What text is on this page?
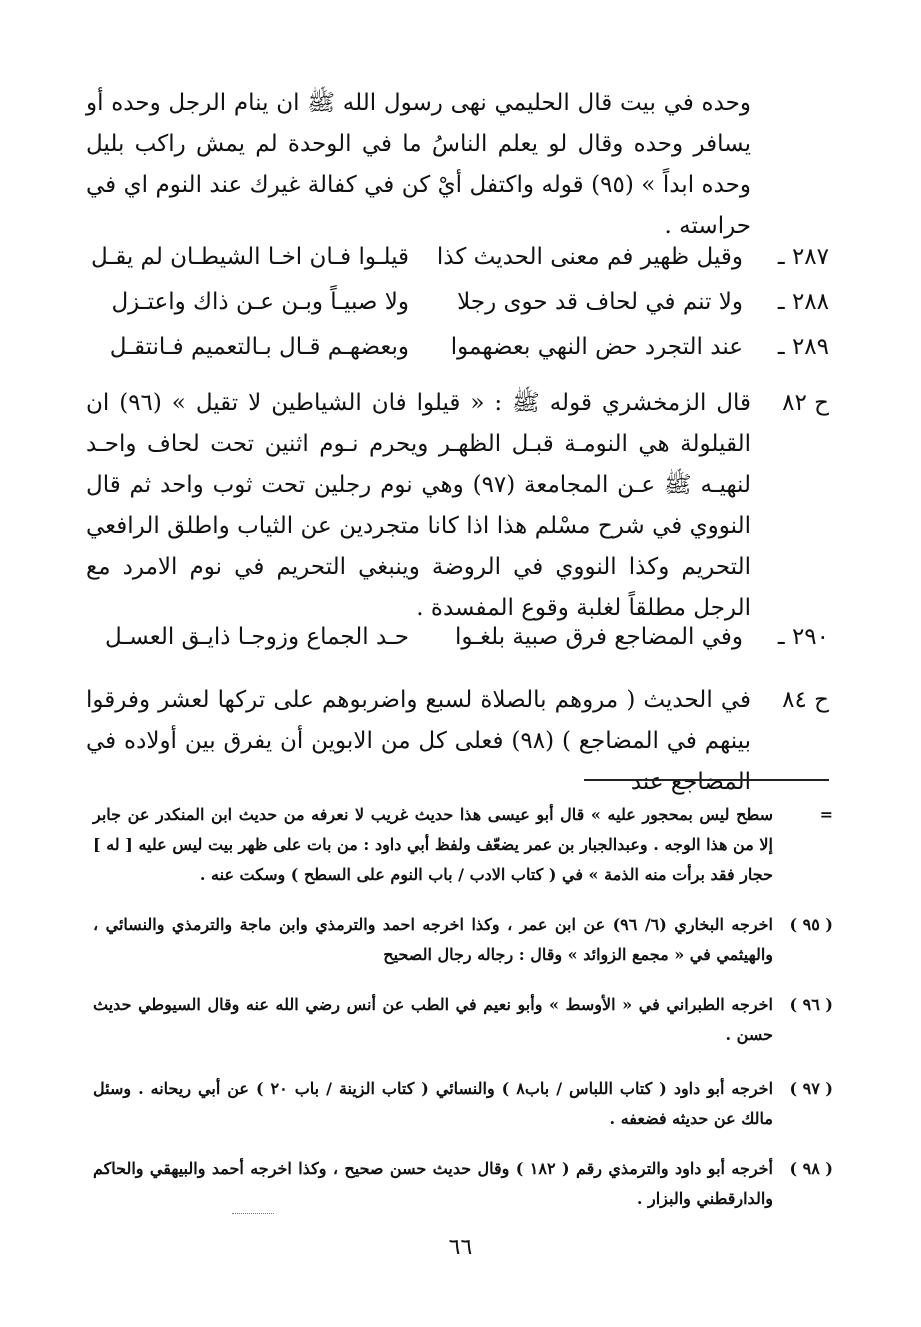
وحده في بيت قال الحليمي نهى رسول الله ﷺ ان ينام الرجل وحده أو يسافر وحده وقال لو يعلم الناسُ ما في الوحدة لم يمش راكب بليل وحده ابداً » (٩٥) قوله واكتفل أيْ كن في كفالة غيرك عند النوم اي في حراسته .
٢٨٧ ـ
وقيل ظهير فم معنى الحديث كذا
قيلـوا فـان اخـا الشيطـان لم يقـل
٢٨٨ ـ
ولا تنم في لحاف قد حوى رجلا
ولا صبيـاً وبـن عـن ذاك واعتـزل
٢٨٩ ـ
عند التجرد حض النهي بعضهموا
وبعضهـم قـال بـالتعميم فـانتقـل
ح ٨٢
قال الزمخشري قوله ﷺ : « قيلوا فان الشياطين لا تقيل » (٩٦) ان القيلولة هي النومـة قبـل الظهـر ويحرم نـوم اثنين تحت لحاف واحـد لنهيـه ﷺ عـن المجامعة (٩٧) وهي نوم رجلين تحت ثوب واحد ثم قال النووي في شرح مسْلم هذا اذا كانا متجردين عن الثياب واطلق الرافعي التحريم وكذا النووي في الروضة وينبغي التحريم في نوم الامرد مع الرجل مطلقاً لغلبة وقوع المفسدة .
٢٩٠ ـ
وفي المضاجع فرق صبية بلغـوا
حـد الجماع وزوجـا ذايـق العسـل
ح ٨٤
في الحديث ( مروهم بالصلاة لسبع واضربوهم على تركها لعشر وفرقوا بينهم في المضاجع ) (٩٨) فعلى كل من الابوين أن يفرق بين أولاده في المضاجع عند
=
سطح ليس بمحجور عليه » قال أبو عيسى هذا حديث غريب لا نعرفه من حديث ابن المنكدر عن جابر إلا من هذا الوجه . وعبدالجبار بن عمر يضعّف ولفظ أبي داود : من بات على ظهر بيت ليس عليه [ له ] حجار فقد برأت منه الذمة » في ( كتاب الادب / باب النوم على السطح ) وسكت عنه .
( ٩٥ )
اخرجه البخاري (٦/ ٩٦) عن ابن عمر ، وكذا اخرجه احمد والترمذي وابن ماجة والترمذي والنسائي ، والهيثمي في « مجمع الزوائد » وقال : رجاله رجال الصحيح
( ٩٦ )
اخرجه الطبراني في « الأوسط » وأبو نعيم في الطب عن أنس رضي الله عنه وقال السيوطي حديث حسن .
( ٩٧ )
اخرجه أبو داود ( كتاب اللباس / باب٨ ) والنسائي ( كتاب الزينة / باب ٢٠ ) عن أبي ريحانه . وسئل مالك عن حديثه فضعفه .
( ٩٨ )
أخرجه أبو داود والترمذي رقم ( ١٨٢ ) وقال حديث حسن صحيح ، وكذا اخرجه أحمد والبيهقي والحاكم والدارقطني والبزار .
٦٦
